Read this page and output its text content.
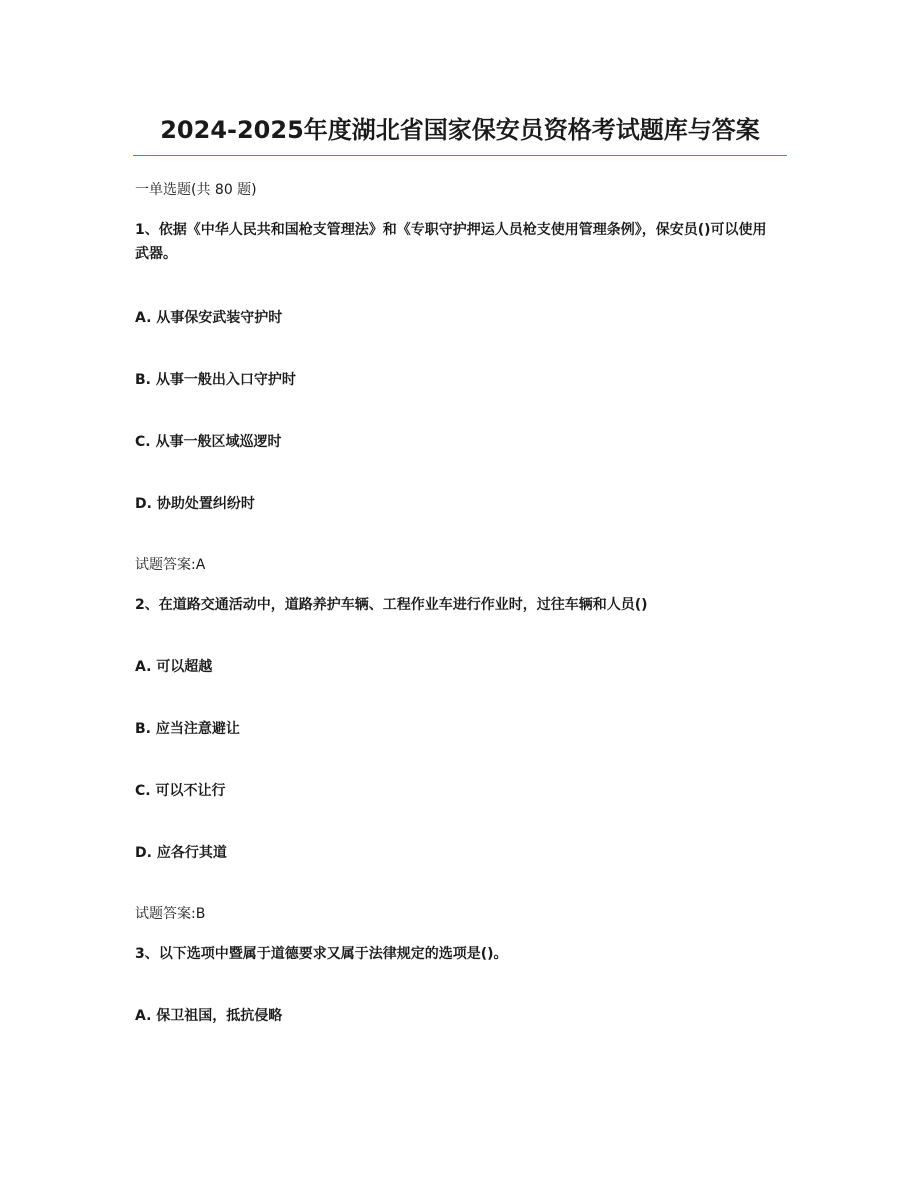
2024-2025年度湖北省国家保安员资格考试题库与答案
一单选题(共 80 题)
1、依据《中华人民共和国枪支管理法》和《专职守护押运人员枪支使用管理条例》，保安员()可以使用武器。
A. 从事保安武装守护时
B. 从事一般出入口守护时
C. 从事一般区域巡逻时
D. 协助处置纠纷时
试题答案:A
2、在道路交通活动中，道路养护车辆、工程作业车进行作业时，过往车辆和人员()
A. 可以超越
B. 应当注意避让
C. 可以不让行
D. 应各行其道
试题答案:B
3、以下选项中暨属于道德要求又属于法律规定的选项是()。
A. 保卫祖国，抵抗侵略
